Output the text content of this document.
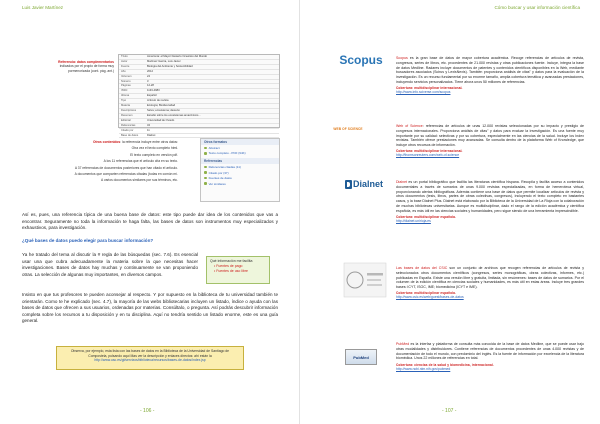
Luis Javier Martínez
Referencia: datos complementarios
indicados por el propio de forma muy
pormenorizada (cont. pág. ant.)
Título	Amazonía: el Mayor Desierto Oceánico del Mundo
Autor	Martínez García, Luis Javier
Fuente	Biología del Ambiente y Sostenibilidad
Año	2012
Volumen	24
Número	3
Páginas	12-28
ISSN	1133-4983
Idioma	Español
Tipo	Artículo de revista
Materia	Ecología; Biodiversidad
Descriptores	Selva; ecosistema; desierto
Resumen	Estudio sobre los ecosistemas amazónicos...
Editorial	Universidad de Oviedo
Referencias	34
Citado por	11
Base de datos	Dialnet
Otros contenidos: la referencia incluye entre otros datos:
Otra vez el texto completo html.
El texto completo en versión pdf.
A los 11 referencias que el artículo cita en su texto.
A 37 referencias de documentos posteriores que han citado el artículo.
A documentos que comparten referencias citadas (todas en común mí.
A varios documentos similares por sus términos, etc.
Otros formatos
Abstract
Texto completo - PDF (94K)
Referencias
Referencias citadas (11)
Citado por (37)
Fuentes de datos
Ver similares
Así es, pues, una referencia típica de una buena base de datos: este tipo puede dar idea de los contenidos que vas a encontrar. Seguramente no toda la información te haga falta, las bases de datos son instrumentos muy especializados y exhaustivos, para investigación.
¿Qué bases de datos puedo elegir para buscar información?
Ya he tratado del tema al discutir la # regla de las búsquedas (sec. 7.6). Es esencial usar una que cubra adecuadamente la materia sobre la que necesitas hacer investigaciones. Bases de datos hay muchas y continuamente se van proponiendo otras. La selección de algunas muy importantes, en diversos campos.
Qué información me facilita
• Fuentes de pago
• Fuentes de uso libre
Insisto en que tus profesores te pueden aconsejar al respecto. Y por supuesto en la biblioteca de tu universidad también te orientarán. Como te he explicado (sec. 4.7), la mayoría de las webs bibliotecarias incluyen un listado, índice o ayuda con las bases de datos que ofrecen a sus usuarios, ordenadas por materias. Consúltalo, o pregunta. Así podrás descubrir información completa sobre los recursos a tu disposición y en tu disciplina. Aquí no tendría sentido un listado enorme, este es una guía general.
Observa, por ejemplo, esta lista con las bases de datos en la Biblioteca de la Universidad de Santiago de Compostela, pulsando aquí Mas ver la descripción y enlaces directos: ahí están la
http://www.usc.es/gl/servizos/biblioteca/recursos/bases-de-datos/index.jsp
- 106 -
Cómo buscar y usar información científica
Scopus
WEB OF SCIENCE
Dialnet
PubMed
Scopus es la gran base de datos de mayor cobertura académica. Recoge referencias de artículos de revista, congresos, series de libros, etc. procedentes de 21.000 revistas y otras publicaciones fuente. Incluye, integra la base de datos Medline. Radares incluye documentos de patentes y contenidos científicos disponibles en la Web, mediante buscadores asociados (Scirus y LexisNexis). También proporciona análisis de citas" y datos para la evaluación de la investigación. Es un recurso fundamental por su enorme tamaño, amplia cobertura temática y avanzadas prestaciones, incluyendo servicios personalizados. Tiene ahora unos 50 millones de referencias.
Cobertura: multidisciplinar internacional.
http://www.info.sciverse.com/scopus
Web of Science: referencias de artículos de unas 12.000 revistas seleccionadas por su impacto y prestigio de congresos internacionales. Proporciona análisis de citas" y datos para evaluar la investigación. Es una fuente muy importante por su calidad: selectivas y por su cobertura, especialmente en las ciencias de la salud. Incluye los Index revistas. También ofrece prestaciones muy avanzadas. Se consulta dentro de la plataforma Web of Knowledge, que incluye otros recursos de información.
Cobertura: multidisciplinar internacional.
http://thomsonreuters.com/web-of-science
Dialnet es un portal bibliográfico que facilita las literaturas científica hispana. Recopila y facilita acceso a contenidos documentales a través de sumarios de unas 9.000 revistas especializadas, en forma de hemeroteca virtual, proporcionando alertas bibliográficas. Además contiene una base de datos que permite localizar artículos de revista y otros documentos (tesis, libros, partes de obras colectivas, congresos), incluyendo el texto completo en bastantes casos, y la base Dialnet Plus. Dialnet está elaborado por la Biblioteca de la Universidad de La Rioja con la colaboración de muchas bibliotecas universitarias. Aunque es multidisciplinar, dado el rango de la edición académica y científica española, es más útil en las ciencias sociales y humanidades, pero sigue siendo de una herramienta imprescindible.
Cobertura: multidisciplinar española.
http://dialnet.unirioja.es
Las bases de datos del CSIC son un conjunto de archivos que recogen referencias de artículos de revista y seleccionados otros documentos científicos (congresos, series monográficas, obras colectivas, informes, etc.) publicadas en España. Existe una versión libre y gratuita, limitada, sin resúmenes: bases de datos de sumarios. Por el volumen de la edición científica en ciencias sociales y humanidades, es más útil en estas áreas. Incluye tres grandes bases: ICYT, ISOC, IME; biomedicina (ICYT e IME).
Cobertura: multidisciplinar española.
http://www.csic.es/web/guest/bases-de-datos
PubMed es la interfaz y plataforma de consulta más conocida de la base de datos Medline, que se puede usar bajo otras modalidades y distribuidores. Contiene referencias de documentos procedentes de unas 4.000 revistas y de documentación de todo el mundo, con predominio del inglés. Es la fuente de información por excelencia de la literatura biomédica. Unos 22 millones de referencias en total.
Cobertura: ciencias de la salud y biomedicina, internacional.
http://www.ncbi.nlm.nih.gov/pubmed
- 107 -
